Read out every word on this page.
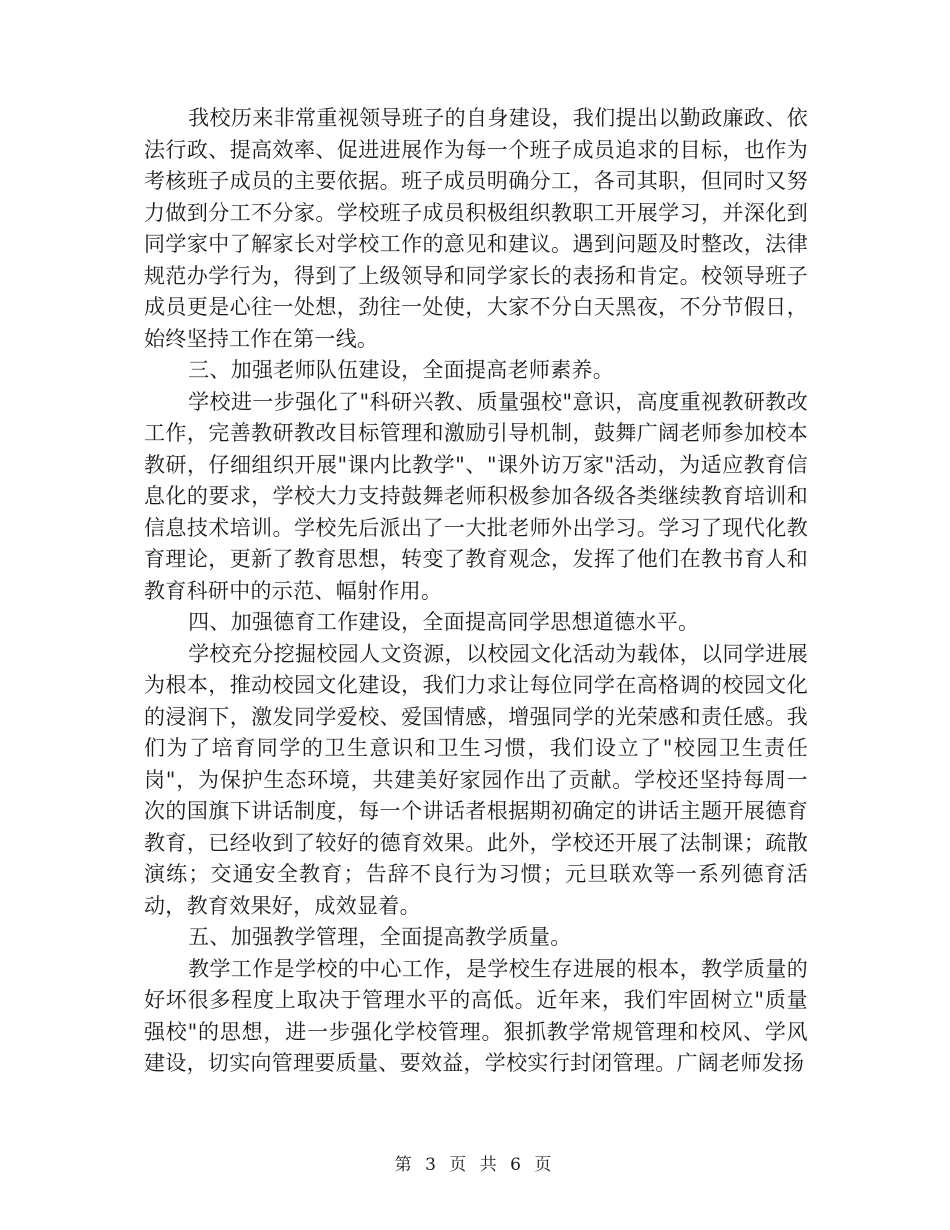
我校历来非常重视领导班子的自身建设，我们提出以勤政廉政、依法行政、提高效率、促进进展作为每一个班子成员追求的目标，也作为考核班子成员的主要依据。班子成员明确分工，各司其职，但同时又努力做到分工不分家。学校班子成员积极组织教职工开展学习，并深化到同学家中了解家长对学校工作的意见和建议。遇到问题及时整改，法律规范办学行为，得到了上级领导和同学家长的表扬和肯定。校领导班子成员更是心往一处想，劲往一处使，大家不分白天黑夜，不分节假日，始终坚持工作在第一线。

三、加强老师队伍建设，全面提高老师素养。

学校进一步强化了"科研兴教、质量强校"意识，高度重视教研教改工作，完善教研教改目标管理和激励引导机制，鼓舞广阔老师参加校本教研，仔细组织开展"课内比教学"、"课外访万家"活动，为适应教育信息化的要求，学校大力支持鼓舞老师积极参加各级各类继续教育培训和信息技术培训。学校先后派出了一大批老师外出学习。学习了现代化教育理论，更新了教育思想，转变了教育观念，发挥了他们在教书育人和教育科研中的示范、幅射作用。

四、加强德育工作建设，全面提高同学思想道德水平。

学校充分挖掘校园人文资源，以校园文化活动为载体，以同学进展为根本，推动校园文化建设，我们力求让每位同学在高格调的校园文化的浸润下，激发同学爱校、爱国情感，增强同学的光荣感和责任感。我们为了培育同学的卫生意识和卫生习惯，我们设立了"校园卫生责任岗"，为保护生态环境，共建美好家园作出了贡献。学校还坚持每周一次的国旗下讲话制度，每一个讲话者根据期初确定的讲话主题开展德育教育，已经收到了较好的德育效果。此外，学校还开展了法制课；疏散演练；交通安全教育；告辞不良行为习惯；元旦联欢等一系列德育活动，教育效果好，成效显着。

五、加强教学管理，全面提高教学质量。

教学工作是学校的中心工作，是学校生存进展的根本，教学质量的好坏很多程度上取决于管理水平的高低。近年来，我们牢固树立"质量强校"的思想，进一步强化学校管理。狠抓教学常规管理和校风、学风建设，切实向管理要质量、要效益，学校实行封闭管理。广阔老师发扬

第 3 页 共 6 页
